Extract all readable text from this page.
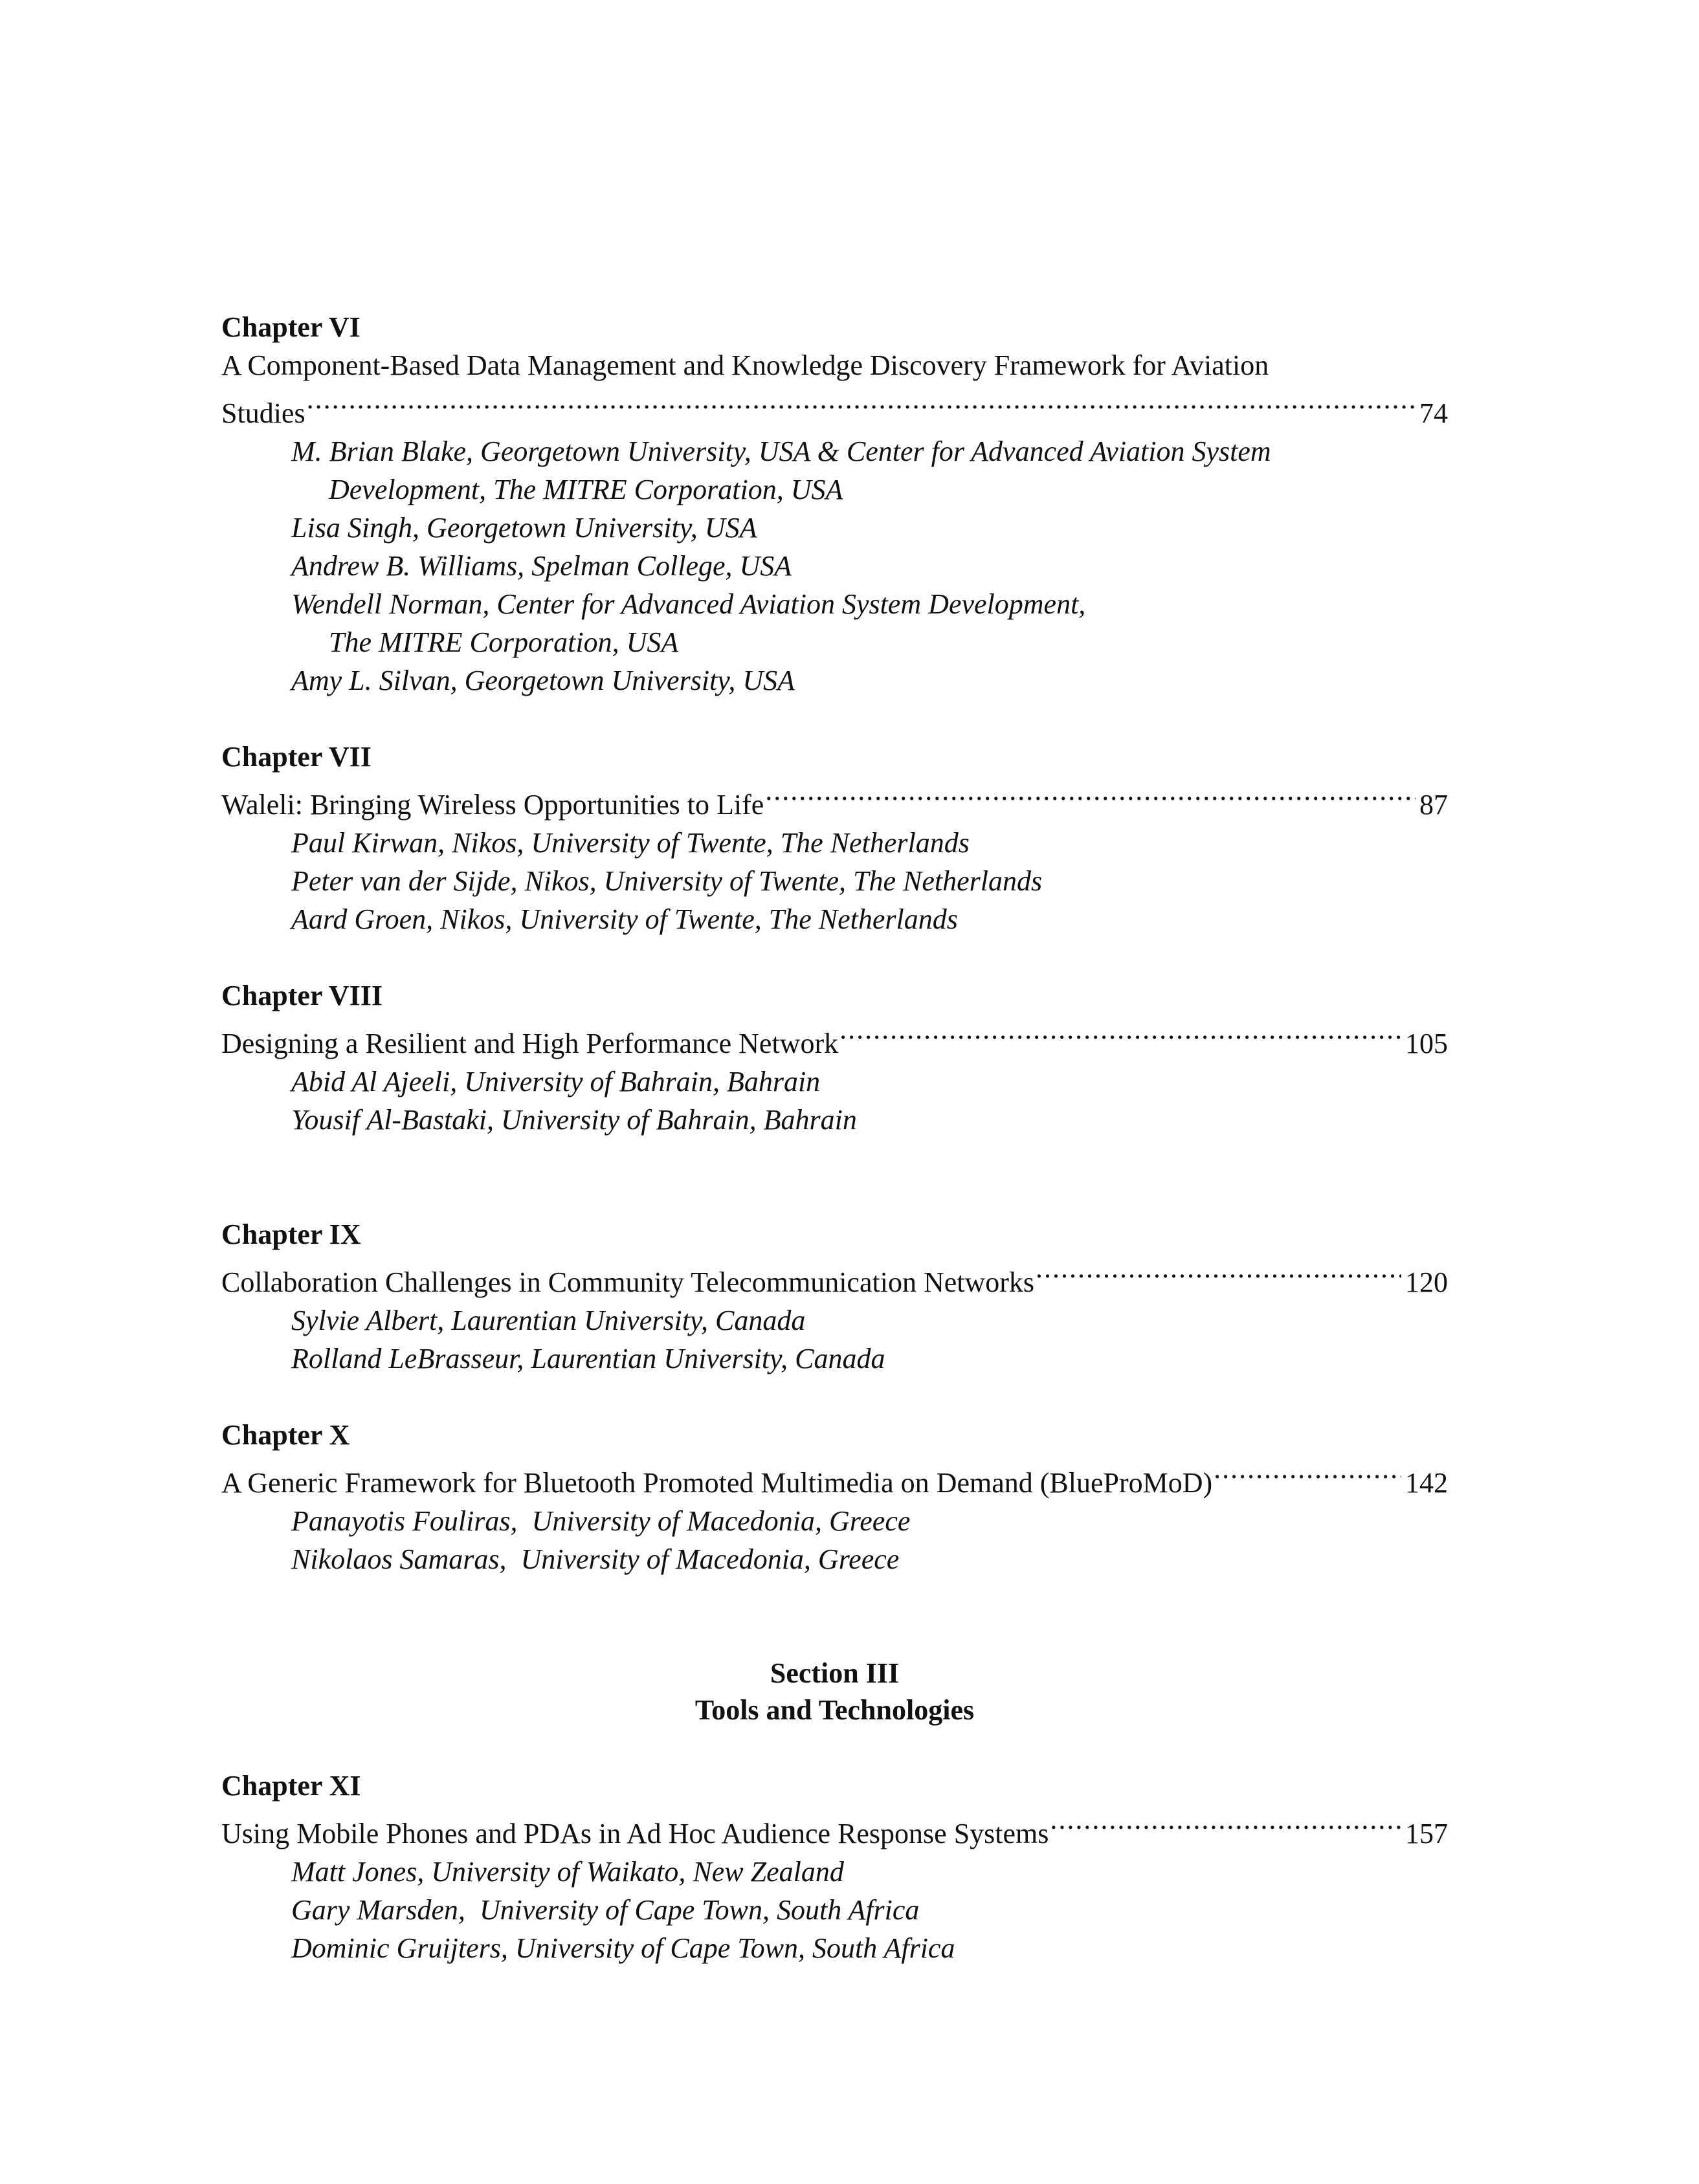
Chapter VI
A Component-Based Data Management and Knowledge Discovery Framework for Aviation
Studies .....	74
M. Brian Blake, Georgetown University, USA & Center for Advanced Aviation System
Development, The MITRE Corporation, USA
Lisa Singh, Georgetown University, USA
Andrew B. Williams, Spelman College, USA
Wendell Norman, Center for Advanced Aviation System Development,
The MITRE Corporation, USA
Amy L. Silvan, Georgetown University, USA
Chapter VII
Waleli: Bringing Wireless Opportunities to Life .....	87
Paul Kirwan, Nikos, University of Twente, The Netherlands
Peter van der Sijde, Nikos, University of Twente, The Netherlands
Aard Groen, Nikos, University of Twente, The Netherlands
Chapter VIII
Designing a Resilient and High Performance Network .....	105
Abid Al Ajeeli, University of Bahrain, Bahrain
Yousif Al-Bastaki, University of Bahrain, Bahrain
Chapter IX
Collaboration Challenges in Community Telecommunication Networks .....	120
Sylvie Albert, Laurentian University, Canada
Rolland LeBrasseur, Laurentian University, Canada
Chapter X
A Generic Framework for Bluetooth Promoted Multimedia on Demand (BlueProMoD) .....	142
Panayotis Fouliras,  University of Macedonia, Greece
Nikolaos Samaras,  University of Macedonia, Greece
Section III
Tools and Technologies
Chapter XI
Using Mobile Phones and PDAs in Ad Hoc Audience Response Systems .....	157
Matt Jones, University of Waikato, New Zealand
Gary Marsden,  University of Cape Town, South Africa
Dominic Gruijters, University of Cape Town, South Africa
